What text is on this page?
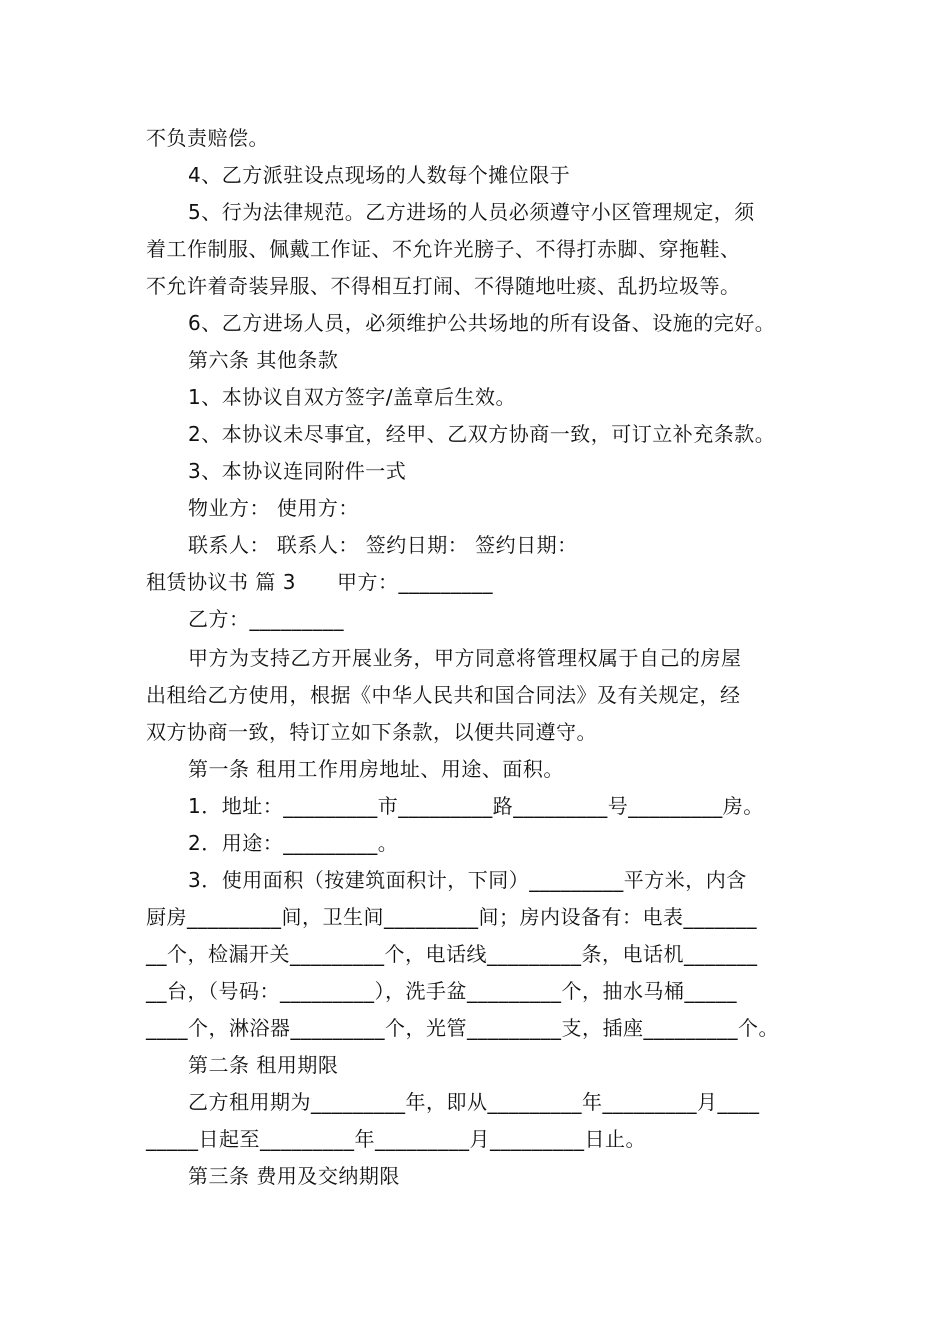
不负责赔偿。
4、乙方派驻设点现场的人数每个摊位限于
5、行为法律规范。乙方进场的人员必须遵守小区管理规定，须
着工作制服、佩戴工作证、不允许光膀子、不得打赤脚、穿拖鞋、
不允许着奇装异服、不得相互打闹、不得随地吐痰、乱扔垃圾等。
6、乙方进场人员，必须维护公共场地的所有设备、设施的完好。
第六条 其他条款
1、本协议自双方签字/盖章后生效。
2、本协议未尽事宜，经甲、乙双方协商一致，可订立补充条款。
3、本协议连同附件一式
物业方： 使用方：
联系人： 联系人： 签约日期： 签约日期：
租赁协议书 篇 3　　甲方：_________
乙方：_________
甲方为支持乙方开展业务，甲方同意将管理权属于自己的房屋
出租给乙方使用，根据《中华人民共和国合同法》及有关规定，经
双方协商一致，特订立如下条款，以便共同遵守。
第一条 租用工作用房地址、用途、面积。
1．地址：_________市_________路_________号_________房。
2．用途：_________。
3．使用面积（按建筑面积计，下同）_________平方米，内含
厨房_________间，卫生间_________间；房内设备有：电表_______
__个，检漏开关_________个，电话线_________条，电话机_______
__台，（号码：_________），洗手盆_________个，抽水马桶_____
____个，淋浴器_________个，光管_________支，插座_________个。
第二条 租用期限
乙方租用期为_________年，即从_________年_________月____
_____日起至_________年_________月_________日止。
第三条 费用及交纳期限
